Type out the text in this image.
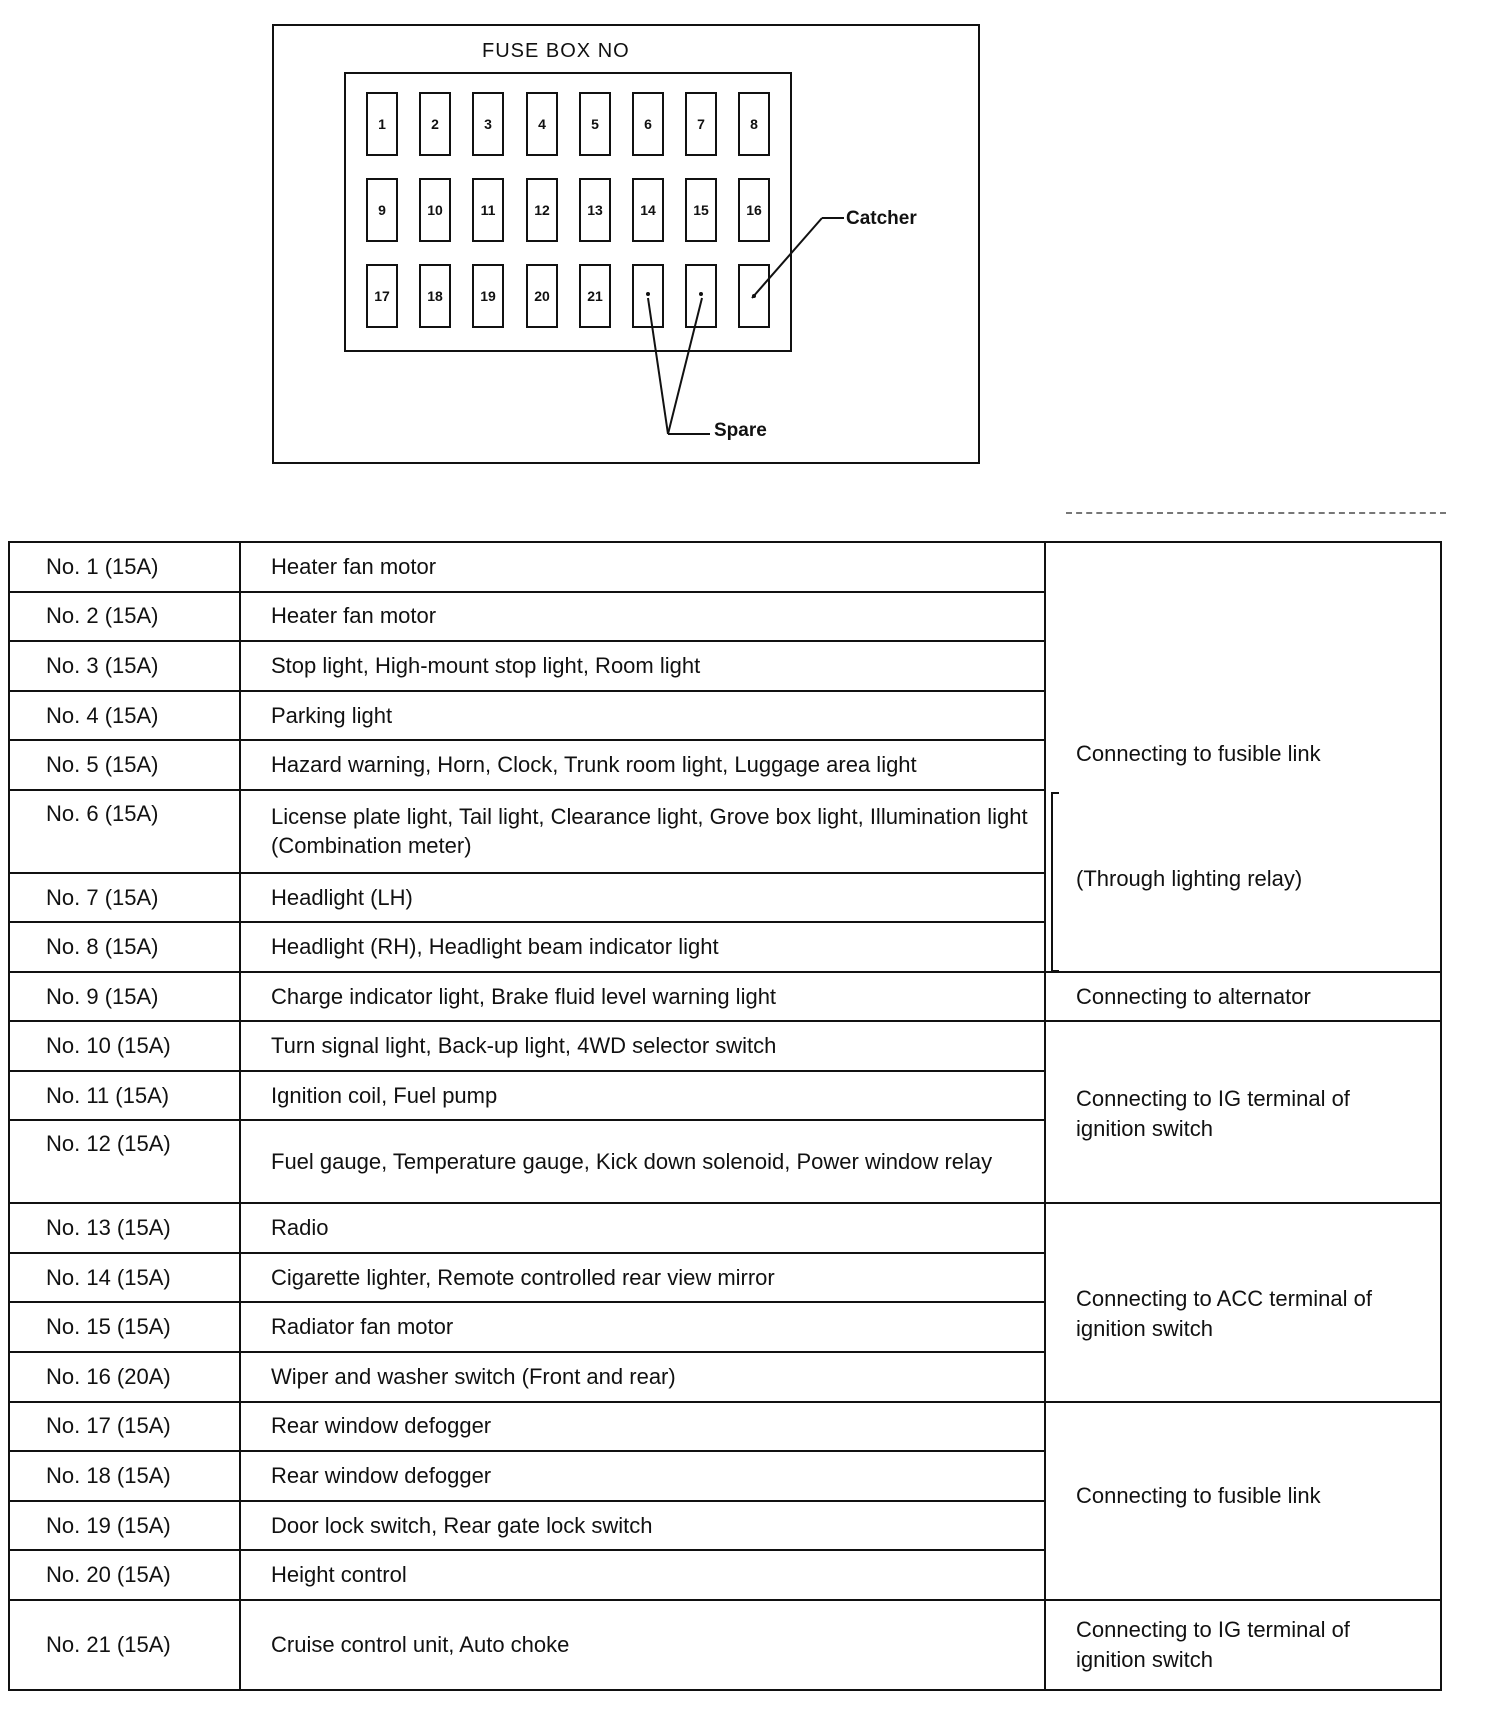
FUSE BOX NO
1	2	3	4	5	6	7	8
9	10	11	12	13	14	15	16
17	18	19	20	21
Catcher
Spare
No. 1 (15A)	Heater fan motor	Connecting to fusible link
(Through lighting relay)

No. 2 (15A)	Heater fan motor	
No. 3 (15A)	Stop light, High-mount stop light, Room light	
No. 4 (15A)	Parking light	
No. 5 (15A)	Hazard warning, Horn, Clock, Trunk room light, Luggage area light	
No. 6 (15A)	License plate light, Tail light, Clearance light, Grove box light, Illumination light (Combination meter)	
No. 7 (15A)	Headlight (LH)	
No. 8 (15A)	Headlight (RH), Headlight beam indicator light	
No. 9 (15A)	Charge indicator light, Brake fluid level warning light	Connecting to alternator
No. 10 (15A)	Turn signal light, Back-up light, 4WD selector switch	Connecting to IG terminal of ignition switch
No. 11 (15A)	Ignition coil, Fuel pump	
No. 12 (15A)	Fuel gauge, Temperature gauge, Kick down solenoid, Power window relay	
No. 13 (15A)	Radio	Connecting to ACC terminal of ignition switch
No. 14 (15A)	Cigarette lighter, Remote controlled rear view mirror	
No. 15 (15A)	Radiator fan motor	
No. 16 (20A)	Wiper and washer switch (Front and rear)	
No. 17 (15A)	Rear window defogger	Connecting to fusible link
No. 18 (15A)	Rear window defogger	
No. 19 (15A)	Door lock switch, Rear gate lock switch	
No. 20 (15A)	Height control	
No. 21 (15A)	Cruise control unit, Auto choke	Connecting to IG terminal of ignition switch
